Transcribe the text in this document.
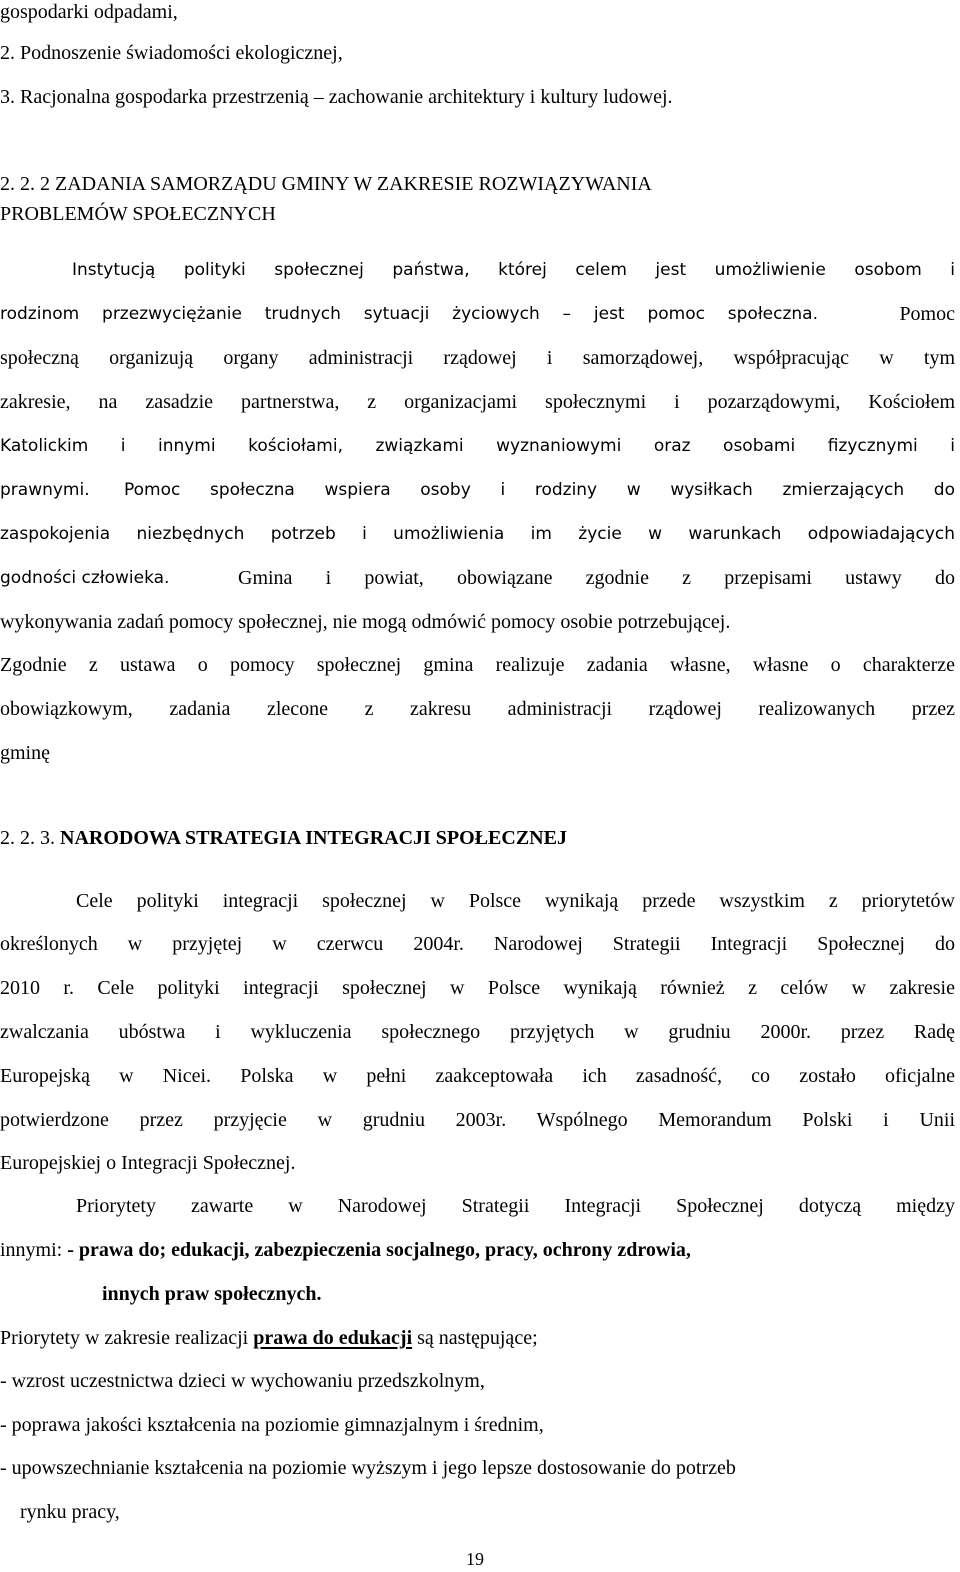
gospodarki odpadami,
2. Podnoszenie świadomości ekologicznej,
3. Racjonalna gospodarka przestrzenią – zachowanie architektury i kultury ludowej.
2. 2. 2 ZADANIA SAMORZĄDU GMINY W ZAKRESIE ROZWIĄZYWANIA
PROBLEMÓW SPOŁECZNYCH
Instytucją polityki społecznej państwa, której celem jest umożliwienie osobom i
rodzinom przezwyciężanie trudnych sytuacji życiowych – jest pomoc społeczna.	Pomoc
społeczną organizują organy administracji rządowej i samorządowej, współpracując w tym
zakresie, na zasadzie partnerstwa, z organizacjami społecznymi i pozarządowymi, Kościołem
Katolickim i innymi kościołami, związkami wyznaniowymi oraz osobami fizycznymi i
prawnymi.	Pomoc społeczna wspiera osoby i rodziny w wysiłkach zmierzających do
zaspokojenia niezbędnych potrzeb i umożliwienia im życie w warunkach odpowiadających
godności człowieka.	Gmina i powiat, obowiązane zgodnie z przepisami ustawy do
wykonywania zadań pomocy społecznej, nie mogą odmówić pomocy osobie potrzebującej.
Zgodnie z ustawa o pomocy społecznej gmina realizuje zadania własne, własne o charakterze
obowiązkowym, zadania zlecone z zakresu administracji rządowej realizowanych przez
gminę
2. 2. 3. NARODOWA STRATEGIA INTEGRACJI SPOŁECZNEJ
Cele polityki integracji społecznej w Polsce wynikają przede wszystkim z priorytetów
określonych w przyjętej w czerwcu 2004r. Narodowej Strategii Integracji Społecznej do
2010 r. Cele polityki integracji społecznej w Polsce wynikają również z celów w zakresie
zwalczania ubóstwa i wykluczenia społecznego przyjętych w grudniu 2000r. przez Radę
Europejską w Nicei. Polska w pełni zaakceptowała ich zasadność, co zostało oficjalne
potwierdzone przez przyjęcie w grudniu 2003r. Wspólnego Memorandum Polski i Unii
Europejskiej o Integracji Społecznej.
Priorytety zawarte w Narodowej Strategii Integracji Społecznej dotyczą między
innymi: - prawa do; edukacji, zabezpieczenia socjalnego, pracy, ochrony zdrowia,
innych praw społecznych.
Priorytety w zakresie realizacji prawa do edukacji są następujące;
- wzrost uczestnictwa dzieci w wychowaniu przedszkolnym,
- poprawa jakości kształcenia na poziomie gimnazjalnym i średnim,
- upowszechnianie kształcenia na poziomie wyższym i jego lepsze dostosowanie do potrzeb
rynku pracy,
19
